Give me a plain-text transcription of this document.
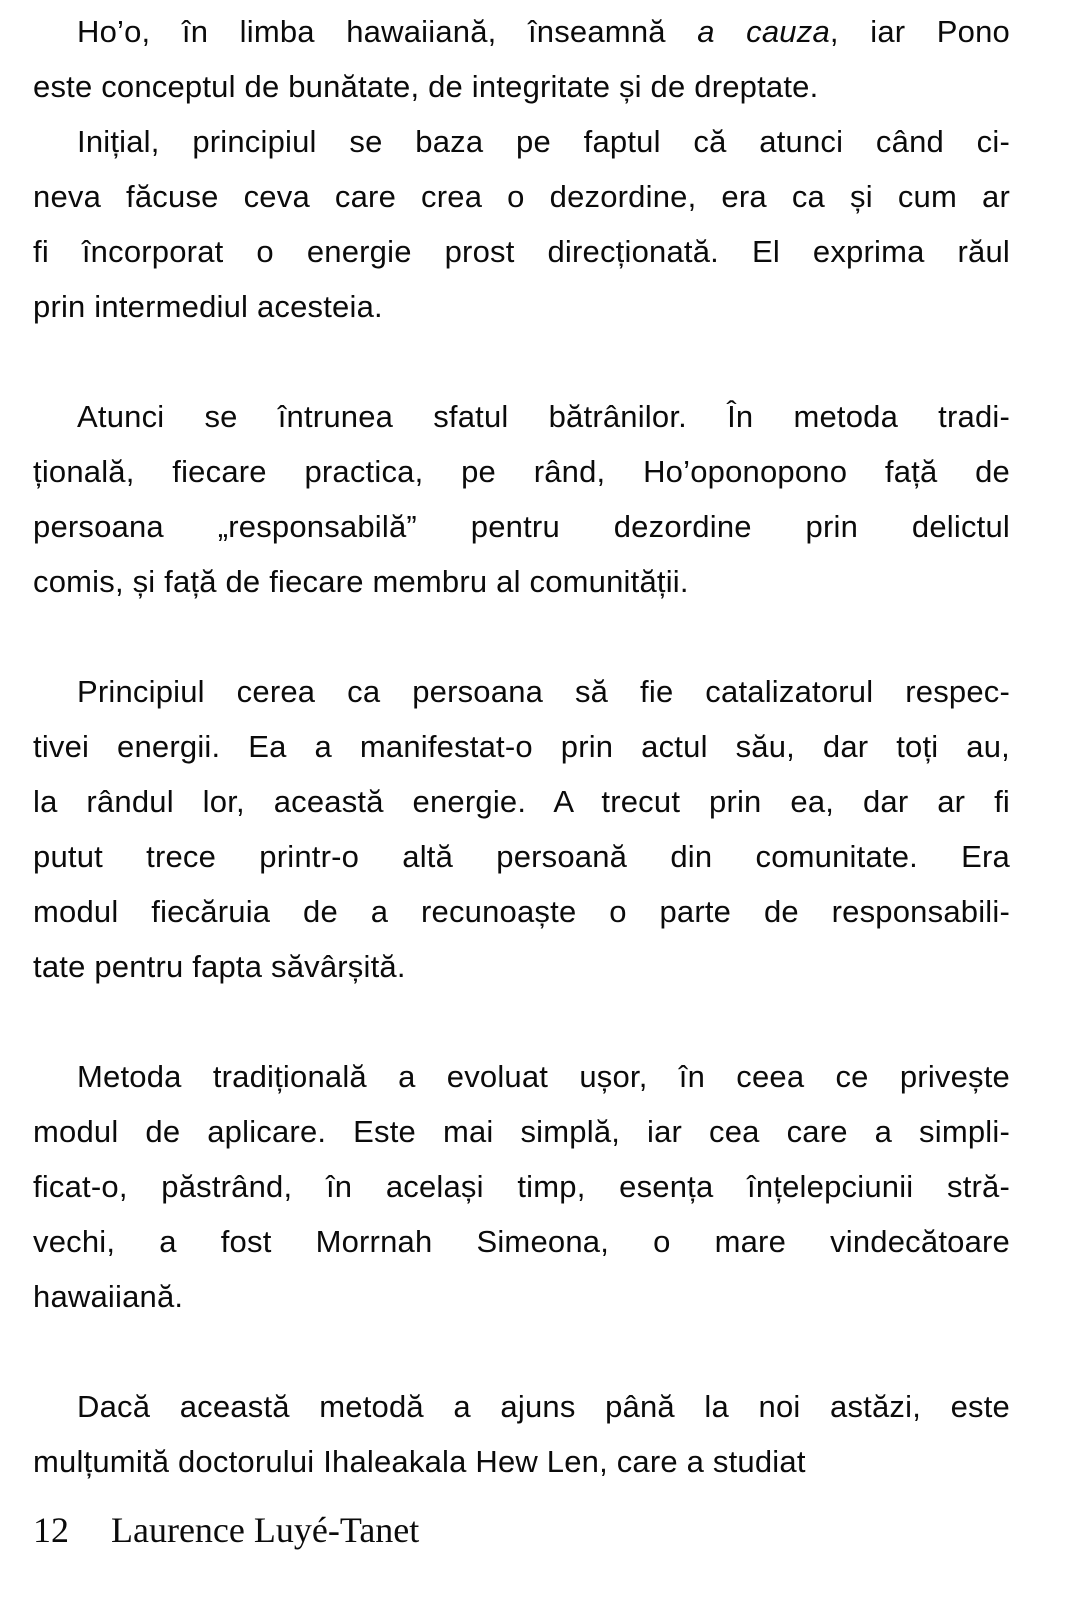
Ho’o, în limba hawaiiană, înseamnă a cauza, iar Pono
este conceptul de bunătate, de integritate și de dreptate.
Inițial, principiul se baza pe faptul că atunci când ci-
neva făcuse ceva care crea o dezordine, era ca și cum ar
fi încorporat o energie prost direcționată. El exprima răul
prin intermediul acesteia.
Atunci se întrunea sfatul bătrânilor. În metoda tradi-
țională, fiecare practica, pe rând, Ho’oponopono față de
persoana „responsabilă” pentru dezordine prin delictul
comis, și față de fiecare membru al comunității.
Principiul cerea ca persoana să fie catalizatorul respec-
tivei energii. Ea a manifestat-o prin actul său, dar toți au,
la rândul lor, această energie. A trecut prin ea, dar ar fi
putut trece printr-o altă persoană din comunitate. Era
modul fiecăruia de a recunoaște o parte de responsabili-
tate pentru fapta săvârșită.
Metoda tradițională a evoluat ușor, în ceea ce privește
modul de aplicare. Este mai simplă, iar cea care a simpli-
ficat-o, păstrând, în același timp, esența înțelepciunii stră-
vechi, a fost Morrnah Simeona, o mare vindecătoare
hawaiiană.
Dacă această metodă a ajuns până la noi astăzi, este
mulțumită doctorului Ihaleakala Hew Len, care a studiat
12 Laurence Luyé-Tanet
